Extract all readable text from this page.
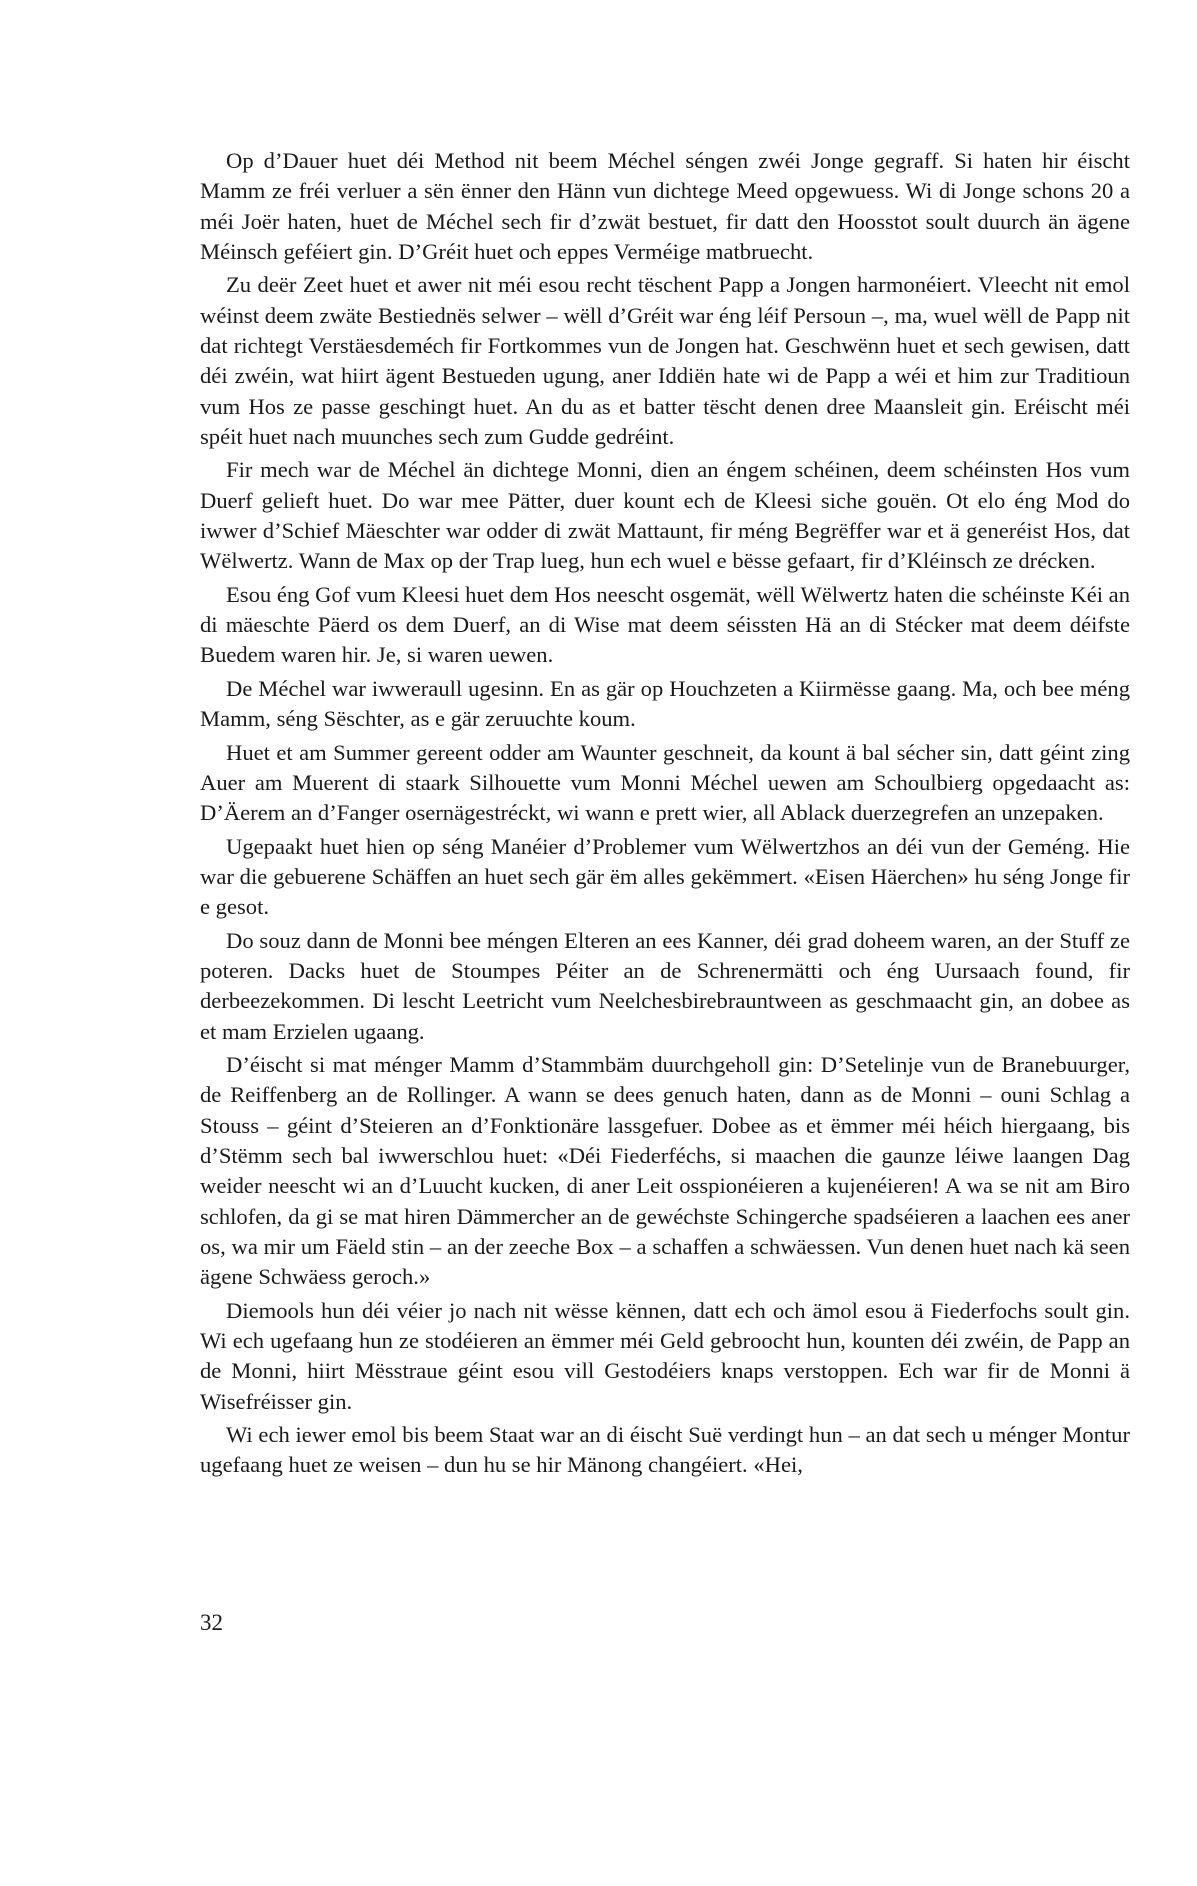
Op d’Dauer huet déi Method nit beem Méchel séngen zwéi Jonge gegraff. Si haten hir éischt Mamm ze fréi verluer a sën ënner den Hänn vun dichtege Meed opgewuess. Wi di Jonge schons 20 a méi Joër haten, huet de Méchel sech fir d’zwät bestuet, fir datt den Hoosstot soult duurch än ägene Méinsch geféiert gin. D’Gréit huet och eppes Verméige matbruecht.

Zu deër Zeet huet et awer nit méi esou recht tëschent Papp a Jongen harmonéiert. Vleecht nit emol wéinst deem zwäte Bestiednës selwer – wëll d’Gréit war éng léif Persoun –, ma, wuel wëll de Papp nit dat richtegt Verstäesdeméch fir Fortkommes vun de Jongen hat. Geschwënn huet et sech gewisen, datt déi zwéin, wat hiirt ägent Bestueden ugung, aner Iddiën hate wi de Papp a wéi et him zur Traditioun vum Hos ze passe geschingt huet. An du as et batter tëscht denen dree Maansleit gin. Eréischt méi spéit huet nach muunches sech zum Gudde gedréint.

Fir mech war de Méchel än dichtege Monni, dien an éngem schéinen, deem schéinsten Hos vum Duerf gelieft huet. Do war mee Pätter, duer kount ech de Kleesi siche gouën. Ot elo éng Mod do iwwer d’Schief Mäeschter war odder di zwät Mattaunt, fir méng Begrëffer war et ä generéist Hos, dat Wëlwertz. Wann de Max op der Trap lueg, hun ech wuel e bësse gefaart, fir d’Kléinsch ze drécken.

Esou éng Gof vum Kleesi huet dem Hos neescht osgemät, wëll Wëlwertz haten die schéinste Kéi an di mäeschte Päerd os dem Duerf, an di Wise mat deem séissten Hä an di Stécker mat deem déifste Buedem waren hir. Je, si waren uewen.

De Méchel war iwweraull ugesinn. En as gär op Houchzeten a Kiirmësse gaang. Ma, och bee méng Mamm, séng Sëschter, as e gär zeruuchte koum.

Huet et am Summer gereent odder am Waunter geschneit, da kount ä bal sécher sin, datt géint zing Auer am Muerent di staark Silhouette vum Monni Méchel uewen am Schoulbierg opgedaacht as: D’Äerem an d’Fanger osernägestréckt, wi wann e prett wier, all Ablack duerzegrefen an unzepaken.

Ugepaakt huet hien op séng Manéier d’Problemer vum Wëlwertzhos an déi vun der Geméng. Hie war die gebuerene Schäffen an huet sech gär ëm alles gekëmmert. «Eisen Häerchen» hu séng Jonge fir e gesot.

Do souz dann de Monni bee méngen Elteren an ees Kanner, déi grad doheem waren, an der Stuff ze poteren. Dacks huet de Stoumpes Péiter an de Schrenermätti och éng Uursaach found, fir derbeezekommen. Di lescht Leetricht vum Neelchesbirebrauntween as geschmaacht gin, an dobee as et mam Erzielen ugaang.

D’éischt si mat ménger Mamm d’Stammbäm duurchgeholl gin: D’Setelinje vun de Branebuurger, de Reiffenberg an de Rollinger. A wann se dees genuch haten, dann as de Monni – ouni Schlag a Stouss – géint d’Steieren an d’Fonktionäre lassgefuer. Dobee as et ëmmer méi héich hiergaang, bis d’Stëmm sech bal iwwerschlou huet: «Déi Fiederféchs, si maachen die gaunze léiwe laangen Dag weider neescht wi an d’Luucht kucken, di aner Leit osspionéieren a kujenéieren! A wa se nit am Biro schlofen, da gi se mat hiren Dämmercher an de gewéchste Schingerche spadséieren a laachen ees aner os, wa mir um Fäeld stin – an der zeeche Box – a schaffen a schwäessen. Vun denen huet nach kä seen ägene Schwäess geroch.»

Diemools hun déi véier jo nach nit wësse kënnen, datt ech och ämol esou ä Fiederfochs soult gin. Wi ech ugefaang hun ze stodéieren an ëmmer méi Geld gebroocht hun, kounten déi zwéin, de Papp an de Monni, hiirt Mësstraue géint esou vill Gestodéiers knaps verstoppen. Ech war fir de Monni ä Wisefréisser gin.

Wi ech iewer emol bis beem Staat war an di éischt Suë verdingt hun – an dat sech u ménger Montur ugefaang huet ze weisen – dun hu se hir Mänong changéiert. «Hei,

32
